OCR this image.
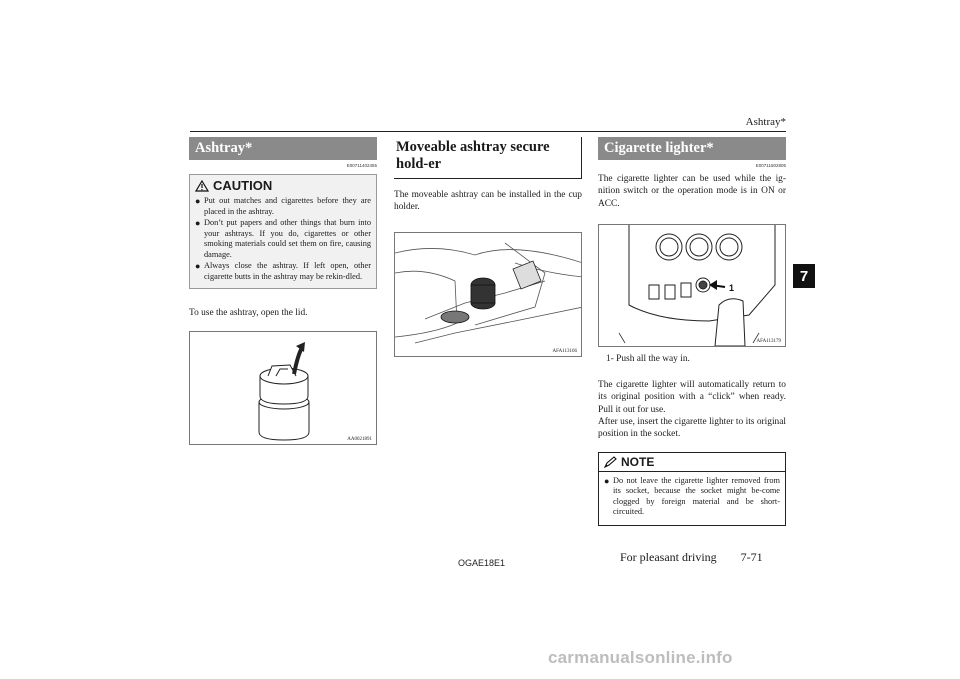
Ashtray*
7
Ashtray*
E00711402455
CAUTION
● Put out matches and cigarettes before they are placed in the ashtray.
● Don’t put papers and other things that burn into your ashtrays. If you do, cigarettes or other smoking materials could set them on fire, causing damage.
● Always close the ashtray. If left open, other cigarette butts in the ashtray may be rekin-dled.

To use the ashtray, open the lid.

AA0021891
Moveable ashtray secure hold-er

The moveable ashtray can be installed in the cup holder.

AFA113166
Cigarette lighter*
E00711502805

The cigarette lighter can be used while the ig-nition switch or the operation mode is in ON or ACC.

1
AFA113179

1- Push all the way in.

The cigarette lighter will automatically return to its original position with a “click” when ready. Pull it out for use.

After use, insert the cigarette lighter to its original position in the socket.

NOTE
● Do not leave the cigarette lighter removed from its socket, because the socket might be-come clogged by foreign material and be short-circuited.
OGAE18E1	For pleasant driving 7-71
carmanualsonline.info
